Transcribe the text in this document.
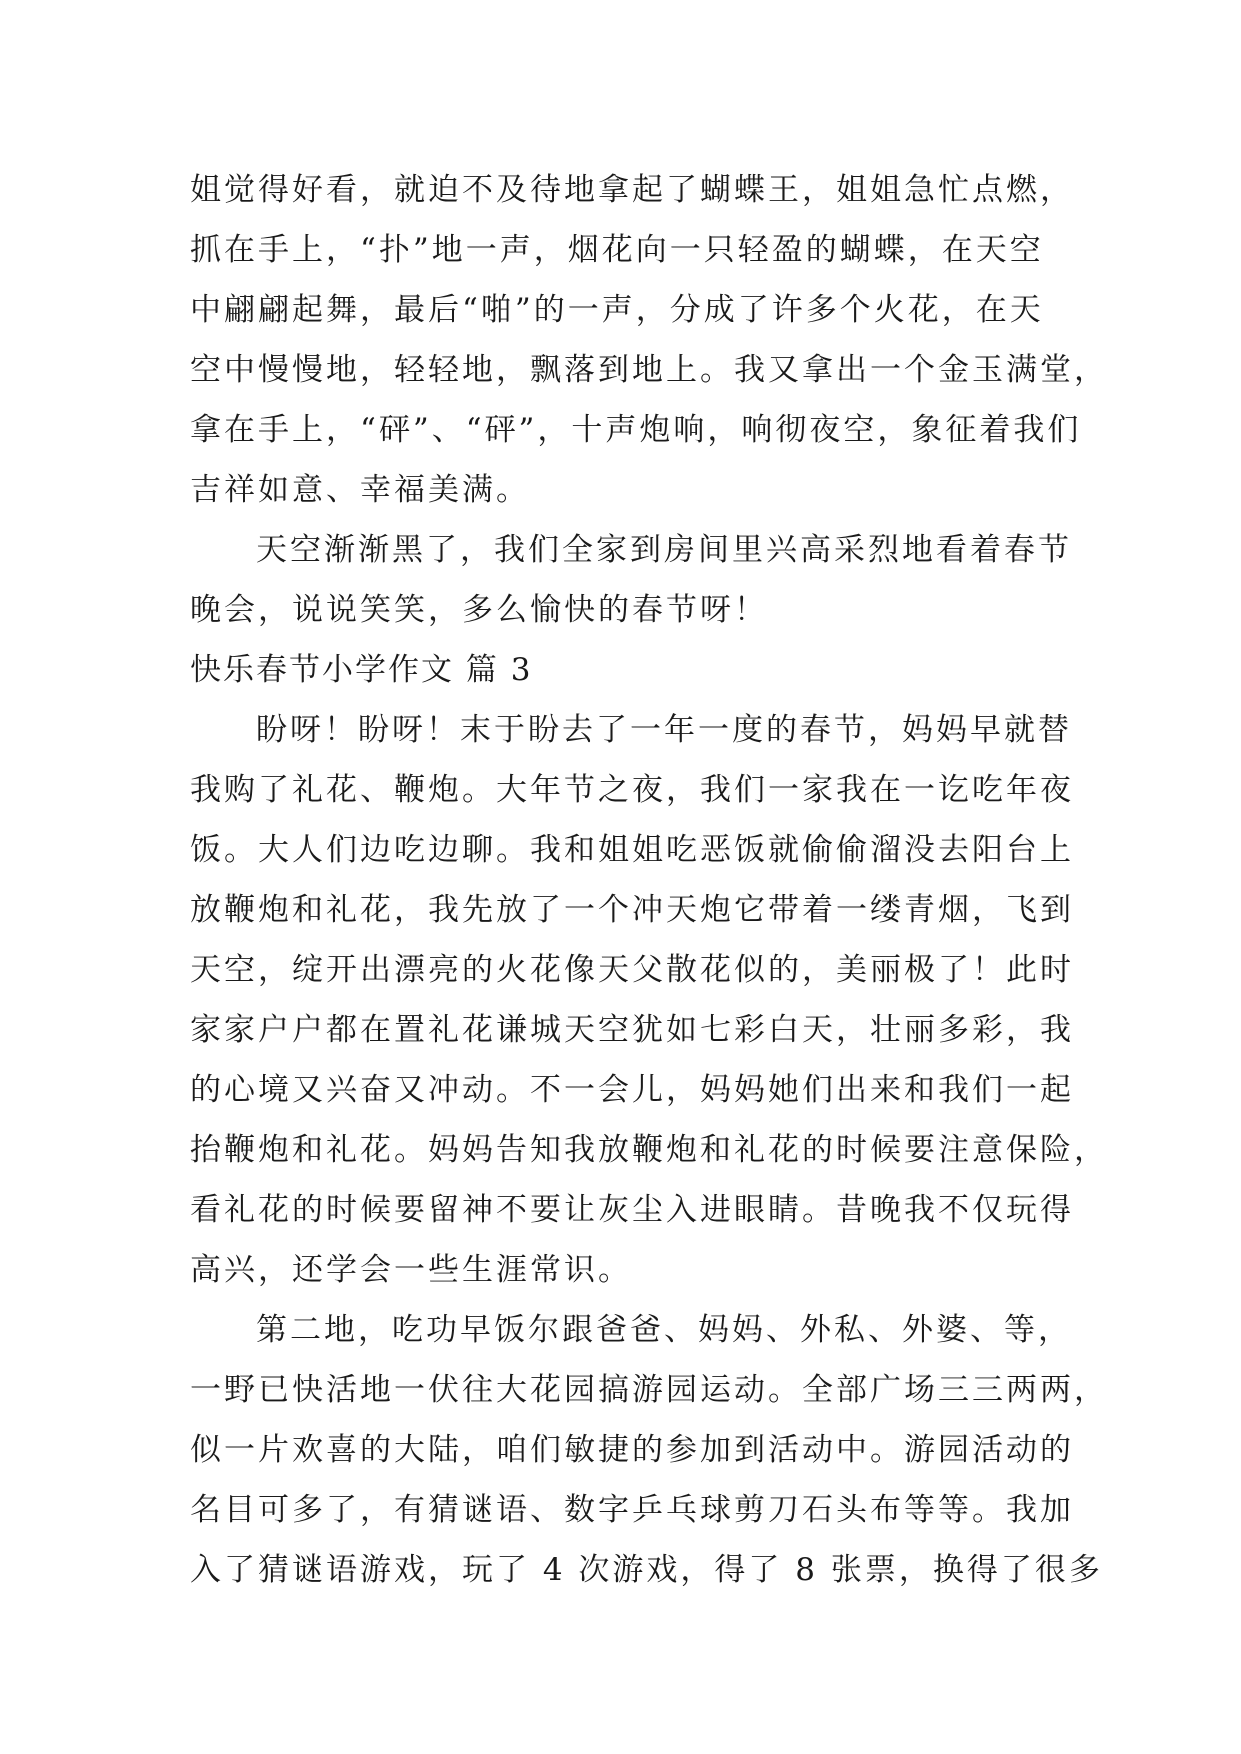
姐觉得好看，就迫不及待地拿起了蝴蝶王，姐姐急忙点燃，
抓在手上，“扑”地一声，烟花向一只轻盈的蝴蝶，在天空
中翩翩起舞，最后“啪”的一声，分成了许多个火花，在天
空中慢慢地，轻轻地，飘落到地上。我又拿出一个金玉满堂，
拿在手上，“砰”、“砰”，十声炮响，响彻夜空，象征着我们
吉祥如意、幸福美满。
天空渐渐黑了，我们全家到房间里兴高采烈地看着春节
晚会，说说笑笑，多么愉快的春节呀！
快乐春节小学作文 篇 3
盼呀！盼呀！末于盼去了一年一度的春节，妈妈早就替
我购了礼花、鞭炮。大年节之夜，我们一家我在一讫吃年夜
饭。大人们边吃边聊。我和姐姐吃恶饭就偷偷溜没去阳台上
放鞭炮和礼花，我先放了一个冲天炮它带着一缕青烟，飞到
天空，绽开出漂亮的火花像天父散花似的，美丽极了！此时
家家户户都在置礼花谦城天空犹如七彩白天，壮丽多彩，我
的心境又兴奋又冲动。不一会儿，妈妈她们出来和我们一起
抬鞭炮和礼花。妈妈告知我放鞭炮和礼花的时候要注意保险，
看礼花的时候要留神不要让灰尘入进眼睛。昔晚我不仅玩得
高兴，还学会一些生涯常识。
第二地，吃功早饭尔跟爸爸、妈妈、外私、外婆、等，
一野已快活地一伏往大花园搞游园运动。全部广场三三两两，
似一片欢喜的大陆，咱们敏捷的参加到活动中。游园活动的
名目可多了，有猜谜语、数字乒乓球剪刀石头布等等。我加
入了猜谜语游戏，玩了 4 次游戏，得了 8 张票，换得了很多
